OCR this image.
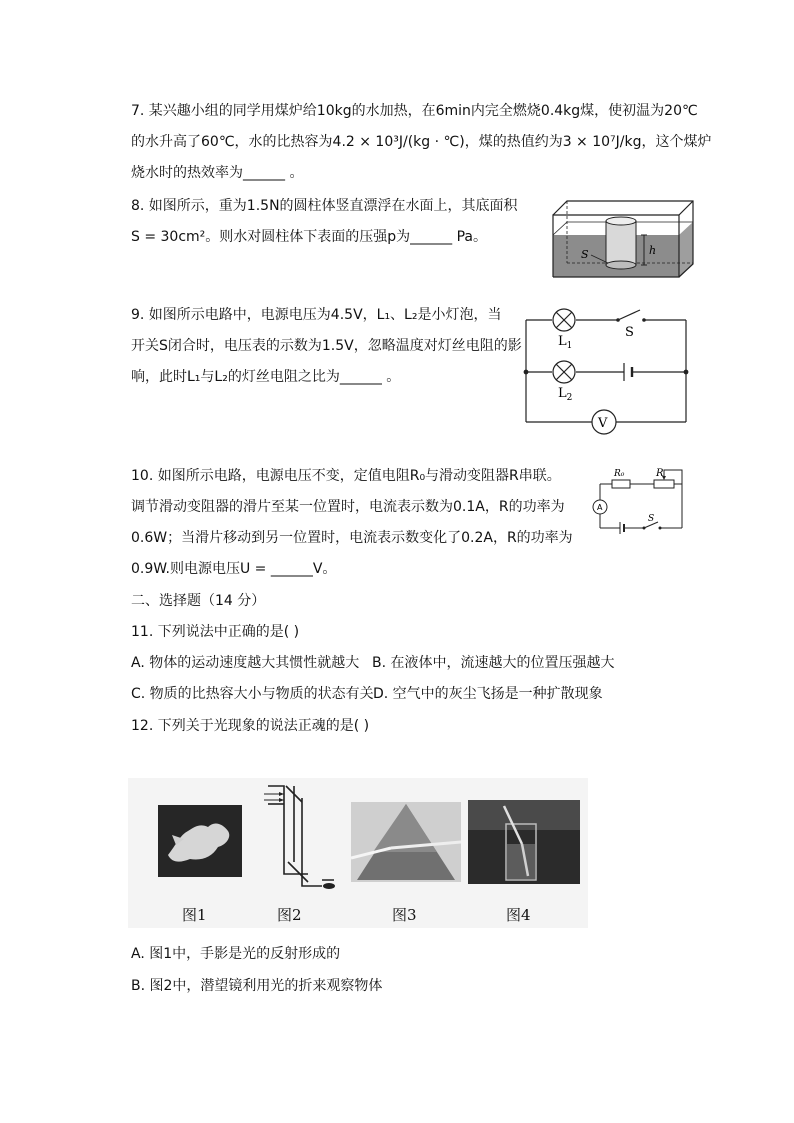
7. 某兴趣小组的同学用煤炉给10kg的水加热，在6min内完全燃烧0.4kg煤，使初温为20℃
的水升高了60℃，水的比热容为4.2 × 10³J/(kg · ℃)，煤的热值约为3 × 10⁷J/kg，这个煤炉
烧水时的热效率为______ 。
8. 如图所示，重为1.5N的圆柱体竖直漂浮在水面上，其底面积
S = 30cm²。则水对圆柱体下表面的压强p为______ Pa。
h
S
9. 如图所示电路中，电源电压为4.5V，L₁、L₂是小灯泡，当
开关S闭合时，电压表的示数为1.5V，忽略温度对灯丝电阻的影
响，此时L₁与L₂的灯丝电阻之比为______ 。
$L_1$
$L_2$
S
V
10. 如图所示电路，电源电压不变，定值电阻R₀与滑动变阻器R串联。
调节滑动变阻器的滑片至某一位置时，电流表示数为0.1A，R的功率为
0.6W；当滑片移动到另一位置时，电流表示数变化了0.2A，R的功率为
0.9W.则电源电压U = ______V。
R₀	R
A
S
二、选择题（14 分）
11. 下列说法中正确的是( )
A. 物体的运动速度越大其惯性就越大 B. 在液体中，流速越大的位置压强越大
C. 物质的比热容大小与物质的状态有关 D. 空气中的灰尘飞扬是一种扩散现象
12. 下列关于光现象的说法正魂的是( )
图1	图2	图3	图4
A. 图1中，手影是光的反射形成的
B. 图2中，潜望镜利用光的折来观察物体
